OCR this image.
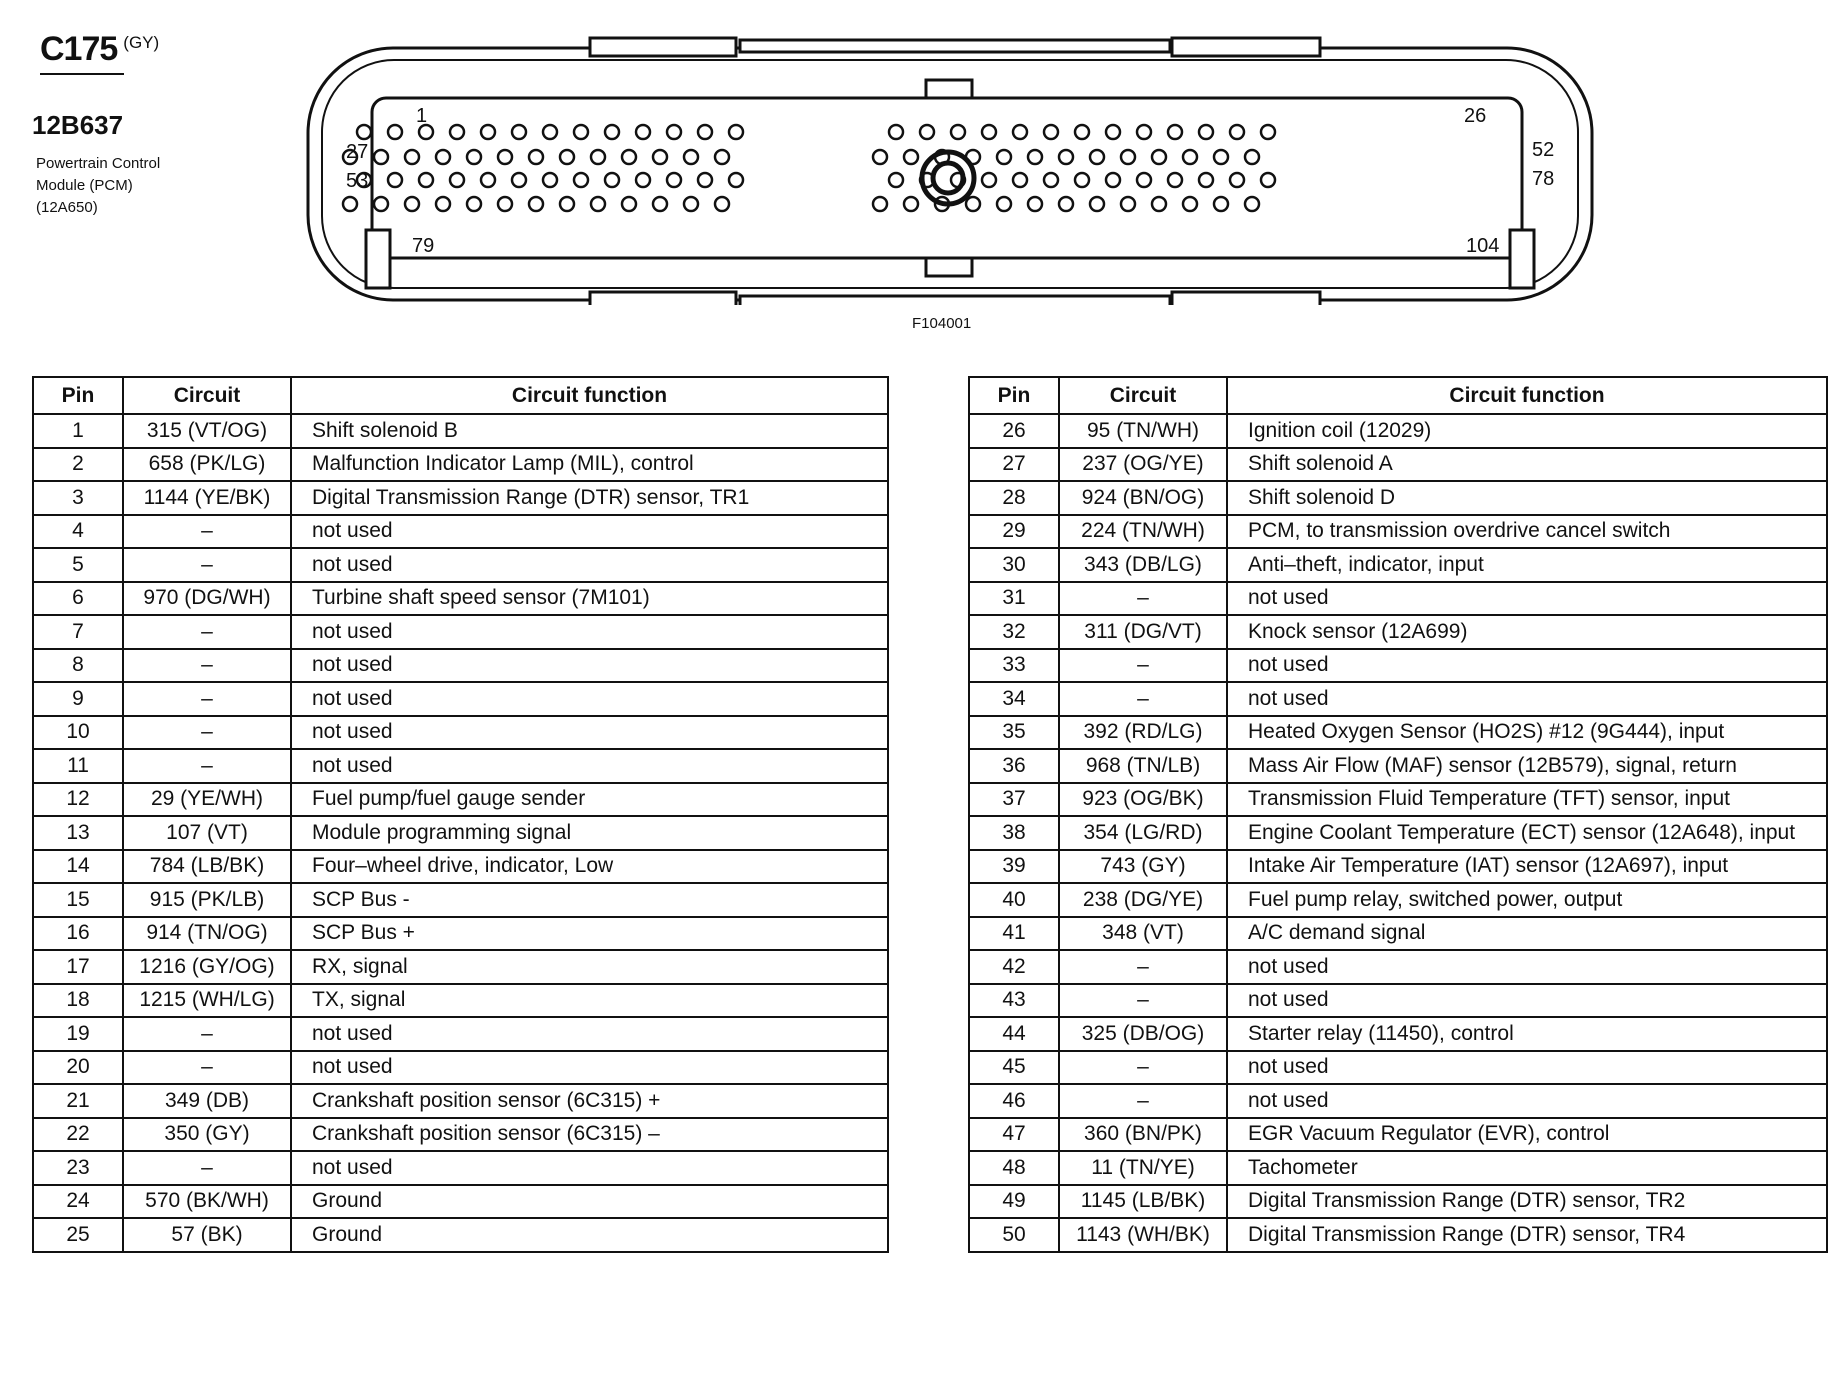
C175 (GY)
12B637
Powertrain Control
Module (PCM)
(12A650)
1	26
27
53
52
78
79	104
F104001
Pin	Circuit	Circuit function
1	315 (VT/OG)	Shift solenoid B
2	658 (PK/LG)	Malfunction Indicator Lamp (MIL), control
3	1144 (YE/BK)	Digital Transmission Range (DTR) sensor, TR1
4	–	not used
5	–	not used
6	970 (DG/WH)	Turbine shaft speed sensor (7M101)
7	–	not used
8	–	not used
9	–	not used
10	–	not used
11	–	not used
12	29 (YE/WH)	Fuel pump/fuel gauge sender
13	107 (VT)	Module programming signal
14	784 (LB/BK)	Four–wheel drive, indicator, Low
15	915 (PK/LB)	SCP Bus -
16	914 (TN/OG)	SCP Bus +
17	1216 (GY/OG)	RX, signal
18	1215 (WH/LG)	TX, signal
19	–	not used
20	–	not used
21	349 (DB)	Crankshaft position sensor (6C315) +
22	350 (GY)	Crankshaft position sensor (6C315) –
23	–	not used
24	570 (BK/WH)	Ground
25	57 (BK)	Ground
Pin	Circuit	Circuit function
26	95 (TN/WH)	Ignition coil (12029)
27	237 (OG/YE)	Shift solenoid A
28	924 (BN/OG)	Shift solenoid D
29	224 (TN/WH)	PCM, to transmission overdrive cancel switch
30	343 (DB/LG)	Anti–theft, indicator, input
31	–	not used
32	311 (DG/VT)	Knock sensor (12A699)
33	–	not used
34	–	not used
35	392 (RD/LG)	Heated Oxygen Sensor (HO2S) #12 (9G444), input
36	968 (TN/LB)	Mass Air Flow (MAF) sensor (12B579), signal, return
37	923 (OG/BK)	Transmission Fluid Temperature (TFT) sensor, input
38	354 (LG/RD)	Engine Coolant Temperature (ECT) sensor (12A648), input
39	743 (GY)	Intake Air Temperature (IAT) sensor (12A697), input
40	238 (DG/YE)	Fuel pump relay, switched power, output
41	348 (VT)	A/C demand signal
42	–	not used
43	–	not used
44	325 (DB/OG)	Starter relay (11450), control
45	–	not used
46	–	not used
47	360 (BN/PK)	EGR Vacuum Regulator (EVR), control
48	11 (TN/YE)	Tachometer
49	1145 (LB/BK)	Digital Transmission Range (DTR) sensor, TR2
50	1143 (WH/BK)	Digital Transmission Range (DTR) sensor, TR4
